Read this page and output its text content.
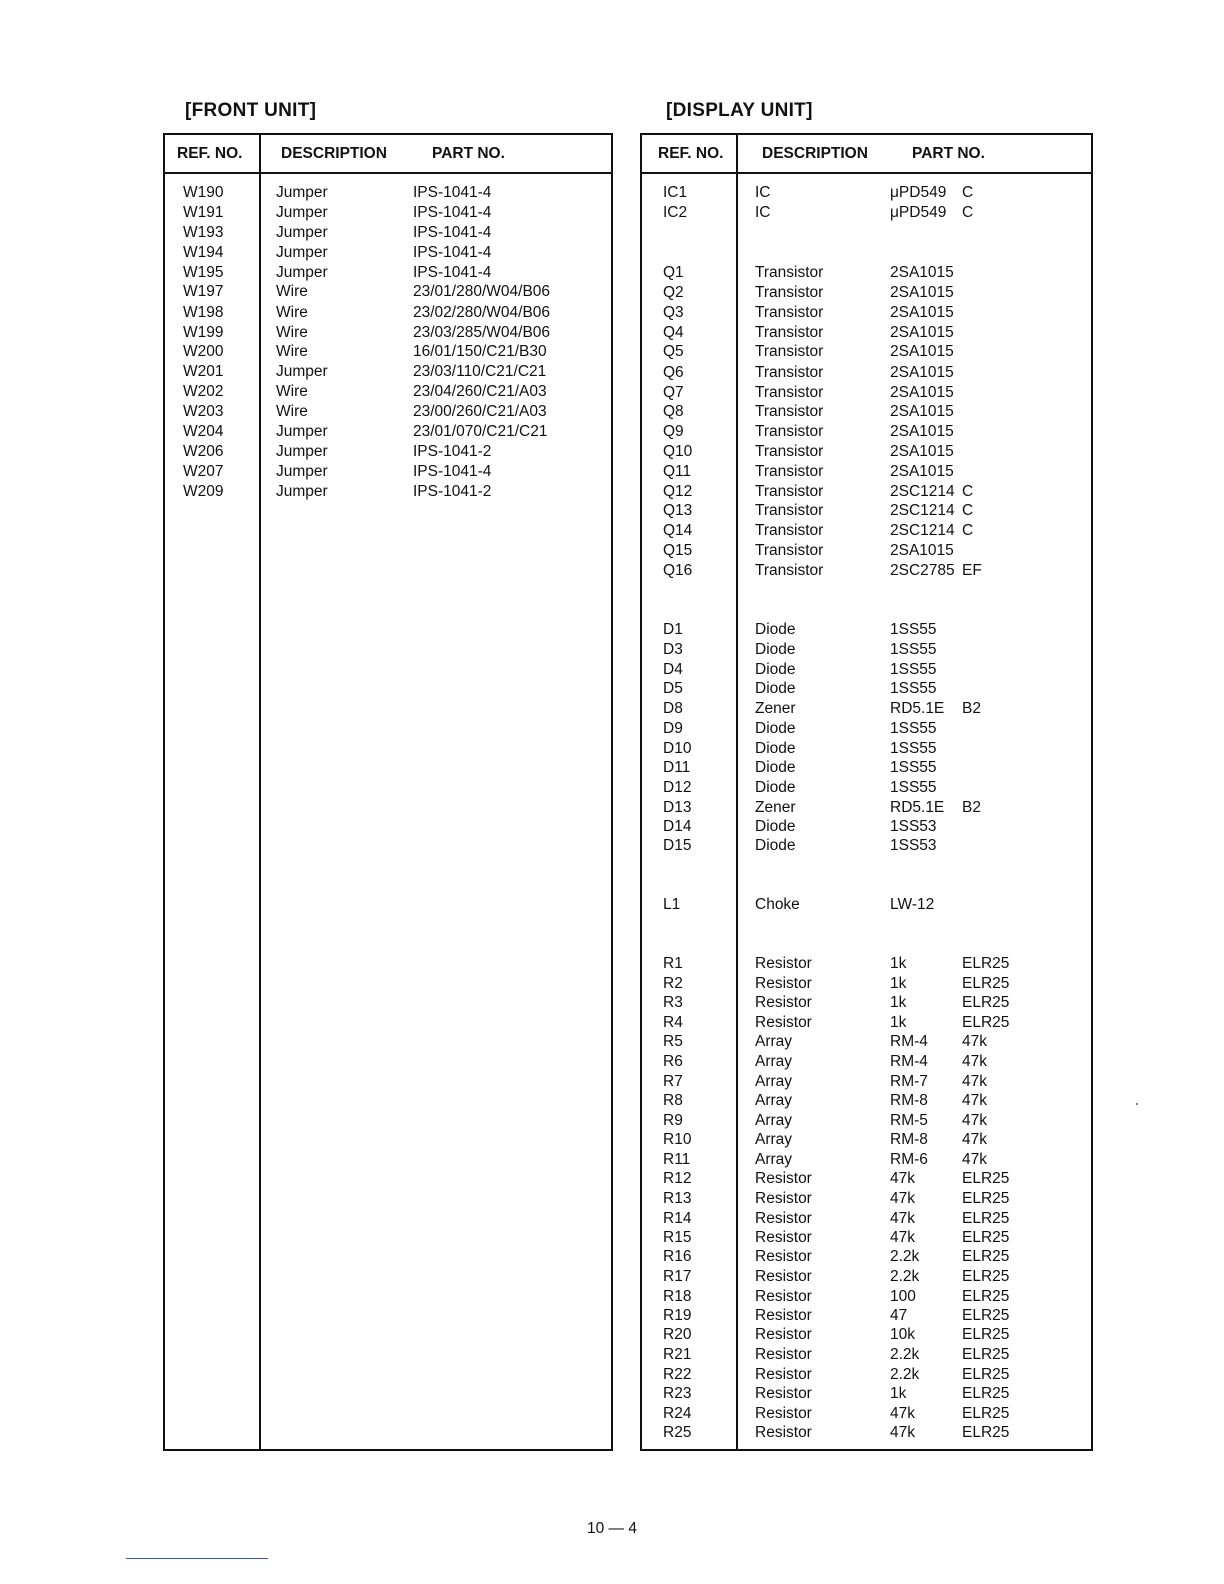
[FRONT UNIT]	[DISPLAY UNIT]
REF. NO. DESCRIPTION	PART NO.
W190	Jumper	IPS-1041-4
W191	Jumper	IPS-1041-4
W193	Jumper	IPS-1041-4
W194	Jumper	IPS-1041-4
W195	Jumper	IPS-1041-4
W197	Wire	23/01/280/W04/B06
W198	Wire	23/02/280/W04/B06
W199	Wire	23/03/285/W04/B06
W200	Wire	16/01/150/C21/B30
W201	Jumper	23/03/110/C21/C21
W202	Wire	23/04/260/C21/A03
W203	Wire	23/00/260/C21/A03
W204	Jumper	23/01/070/C21/C21
W206	Jumper	IPS-1041-2
W207	Jumper	IPS-1041-4
W209	Jumper	IPS-1041-2
REF. NO. DESCRIPTION	PART NO.
IC1	IC	μPD549 C
IC2	IC	μPD549 C
Q1	Transistor	2SA1015
Q2	Transistor	2SA1015
Q3	Transistor	2SA1015
Q4	Transistor	2SA1015
Q5	Transistor	2SA1015
Q6	Transistor	2SA1015
Q7	Transistor	2SA1015
Q8	Transistor	2SA1015
Q9	Transistor	2SA1015
Q10	Transistor	2SA1015
Q11	Transistor	2SA1015
Q12	Transistor	2SC1214 C
Q13	Transistor	2SC1214 C
Q14	Transistor	2SC1214 C
Q15	Transistor	2SA1015
Q16	Transistor	2SC2785 EF
D1	Diode	1SS55
D3	Diode	1SS55
D4	Diode	1SS55
D5	Diode	1SS55
D8	Zener	RD5.1E B2
D9	Diode	1SS55
D10	Diode	1SS55
D11	Diode	1SS55
D12	Diode	1SS55
D13	Zener	RD5.1E B2
D14	Diode	1SS53
D15	Diode	1SS53
L1	Choke	LW-12
R1	Resistor	1k	ELR25
R2	Resistor	1k	ELR25
R3	Resistor	1k	ELR25
R4	Resistor	1k	ELR25
R5	Array	RM-4 47k
R6	Array	RM-4 47k
R7	Array	RM-7 47k
R8	Array	RM-8 47k
R9	Array	RM-5 47k
R10	Array	RM-8 47k
R11	Array	RM-6 47k
R12	Resistor	47k	ELR25
R13	Resistor	47k	ELR25
R14	Resistor	47k	ELR25
R15	Resistor	47k	ELR25
R16	Resistor	2.2k	ELR25
R17	Resistor	2.2k	ELR25
R18	Resistor	100	ELR25
R19	Resistor	47	ELR25
R20	Resistor	10k	ELR25
R21	Resistor	2.2k	ELR25
R22	Resistor	2.2k	ELR25
R23	Resistor	1k	ELR25
R24	Resistor	47k	ELR25
R25	Resistor	47k	ELR25
10 — 4
